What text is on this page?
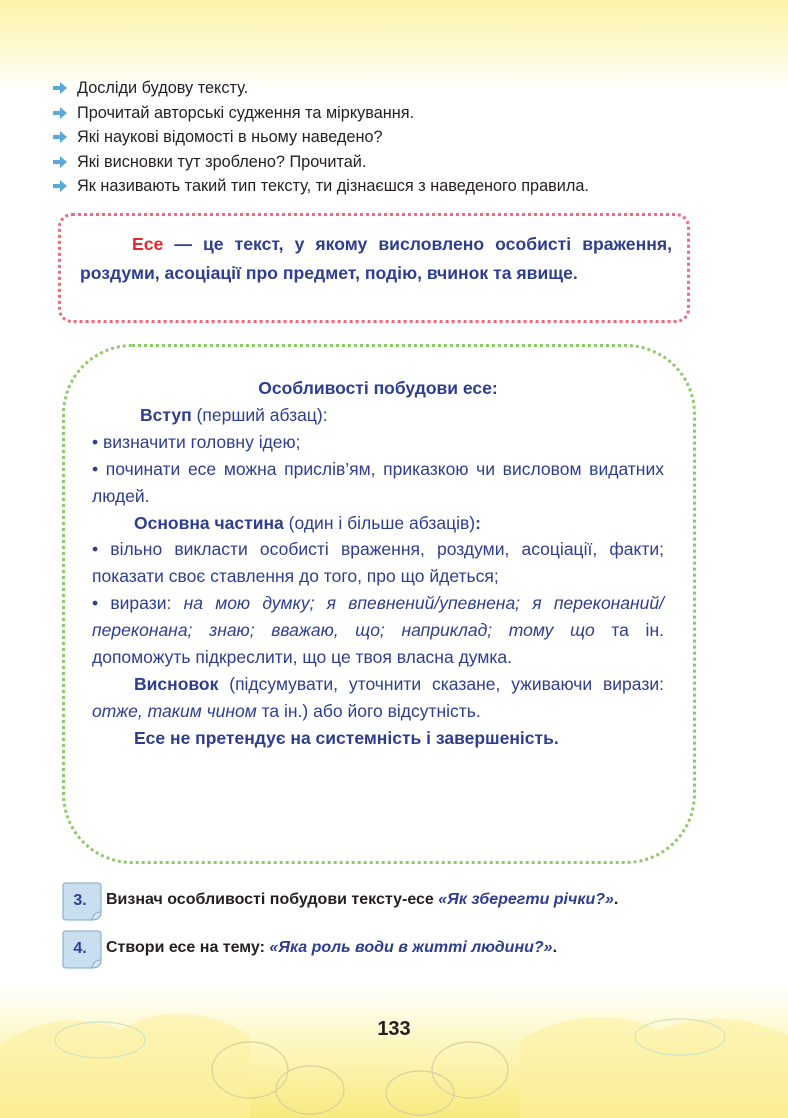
Досліди будову тексту.
Прочитай авторські судження та міркування.
Які наукові відомості в ньому наведено?
Які висновки тут зроблено? Прочитай.
Як називають такий тип тексту, ти дізнаєшся з наведеного правила.
Есе — це текст, у якому висловлено особисті враження, роздуми, асоціації про предмет, подію, вчинок та явище.
Особливості побудови есе:
Вступ (перший абзац):
• визначити головну ідею;
• починати есе можна прислів’ям, приказкою чи висловом видатних людей.
Основна частина (один і більше абзаців):
• вільно викласти особисті враження, роздуми, асоціації, факти; показати своє ставлення до того, про що йдеться;
• вирази: на мою думку; я впевнений/упевнена; я переконаний/переконана; знаю; вважаю, що; наприклад; тому що та ін. допоможуть підкреслити, що це твоя власна думка.
Висновок (підсумувати, уточнити сказане, уживаючи вирази: отже, таким чином та ін.) або його відсутність.
Есе не претендує на системність і завершеність.
3.	Визнач особливості побудови тексту-есе «Як зберегти річки?».
4.	Створи есе на тему: «Яка роль води в житті людини?».
133
